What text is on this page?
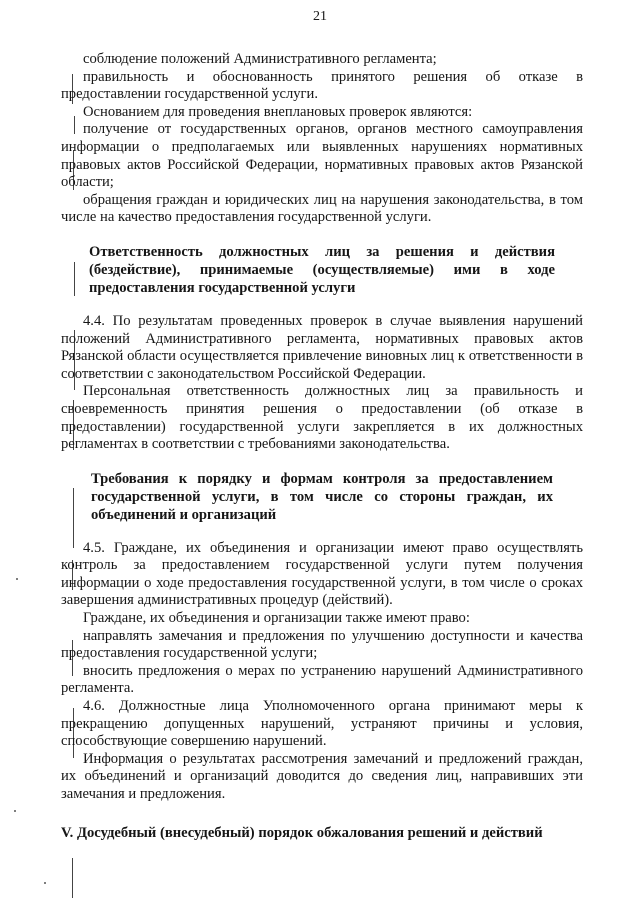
21

соблюдение положений Административного регламента;

правильность и обоснованность принятого решения об отказе в предоставлении государственной услуги.

Основанием для проведения внеплановых проверок являются:

получение от государственных органов, органов местного самоуправления информации о предполагаемых или выявленных нарушениях нормативных правовых актов Российской Федерации, нормативных правовых актов Рязанской области;

обращения граждан и юридических лиц на нарушения законодательства, в том числе на качество предоставления государственной услуги.

Ответственность должностных лиц за решения и действия (бездействие), принимаемые (осуществляемые) ими в ходе предоставления государственной услуги

4.4. По результатам проведенных проверок в случае выявления нарушений положений Административного регламента, нормативных правовых актов Рязанской области осуществляется привлечение виновных лиц к ответственности в соответствии с законодательством Российской Федерации.

Персональная ответственность должностных лиц за правильность и своевременность принятия решения о предоставлении (об отказе в предоставлении) государственной услуги закрепляется в их должностных регламентах в соответствии с требованиями законодательства.

Требования к порядку и формам контроля за предоставлением государственной услуги, в том числе со стороны граждан, их объединений и организаций

4.5. Граждане, их объединения и организации имеют право осуществлять контроль за предоставлением государственной услуги путем получения информации о ходе предоставления государственной услуги, в том числе о сроках завершения административных процедур (действий).

Граждане, их объединения и организации также имеют право:

направлять замечания и предложения по улучшению доступности и качества предоставления государственной услуги;

вносить предложения о мерах по устранению нарушений Административного регламента.

4.6. Должностные лица Уполномоченного органа принимают меры к прекращению допущенных нарушений, устраняют причины и условия, способствующие совершению нарушений.

Информация о результатах рассмотрения замечаний и предложений граждан, их объединений и организаций доводится до сведения лиц, направивших эти замечания и предложения.

V. Досудебный (внесудебный) порядок обжалования решений и действий
